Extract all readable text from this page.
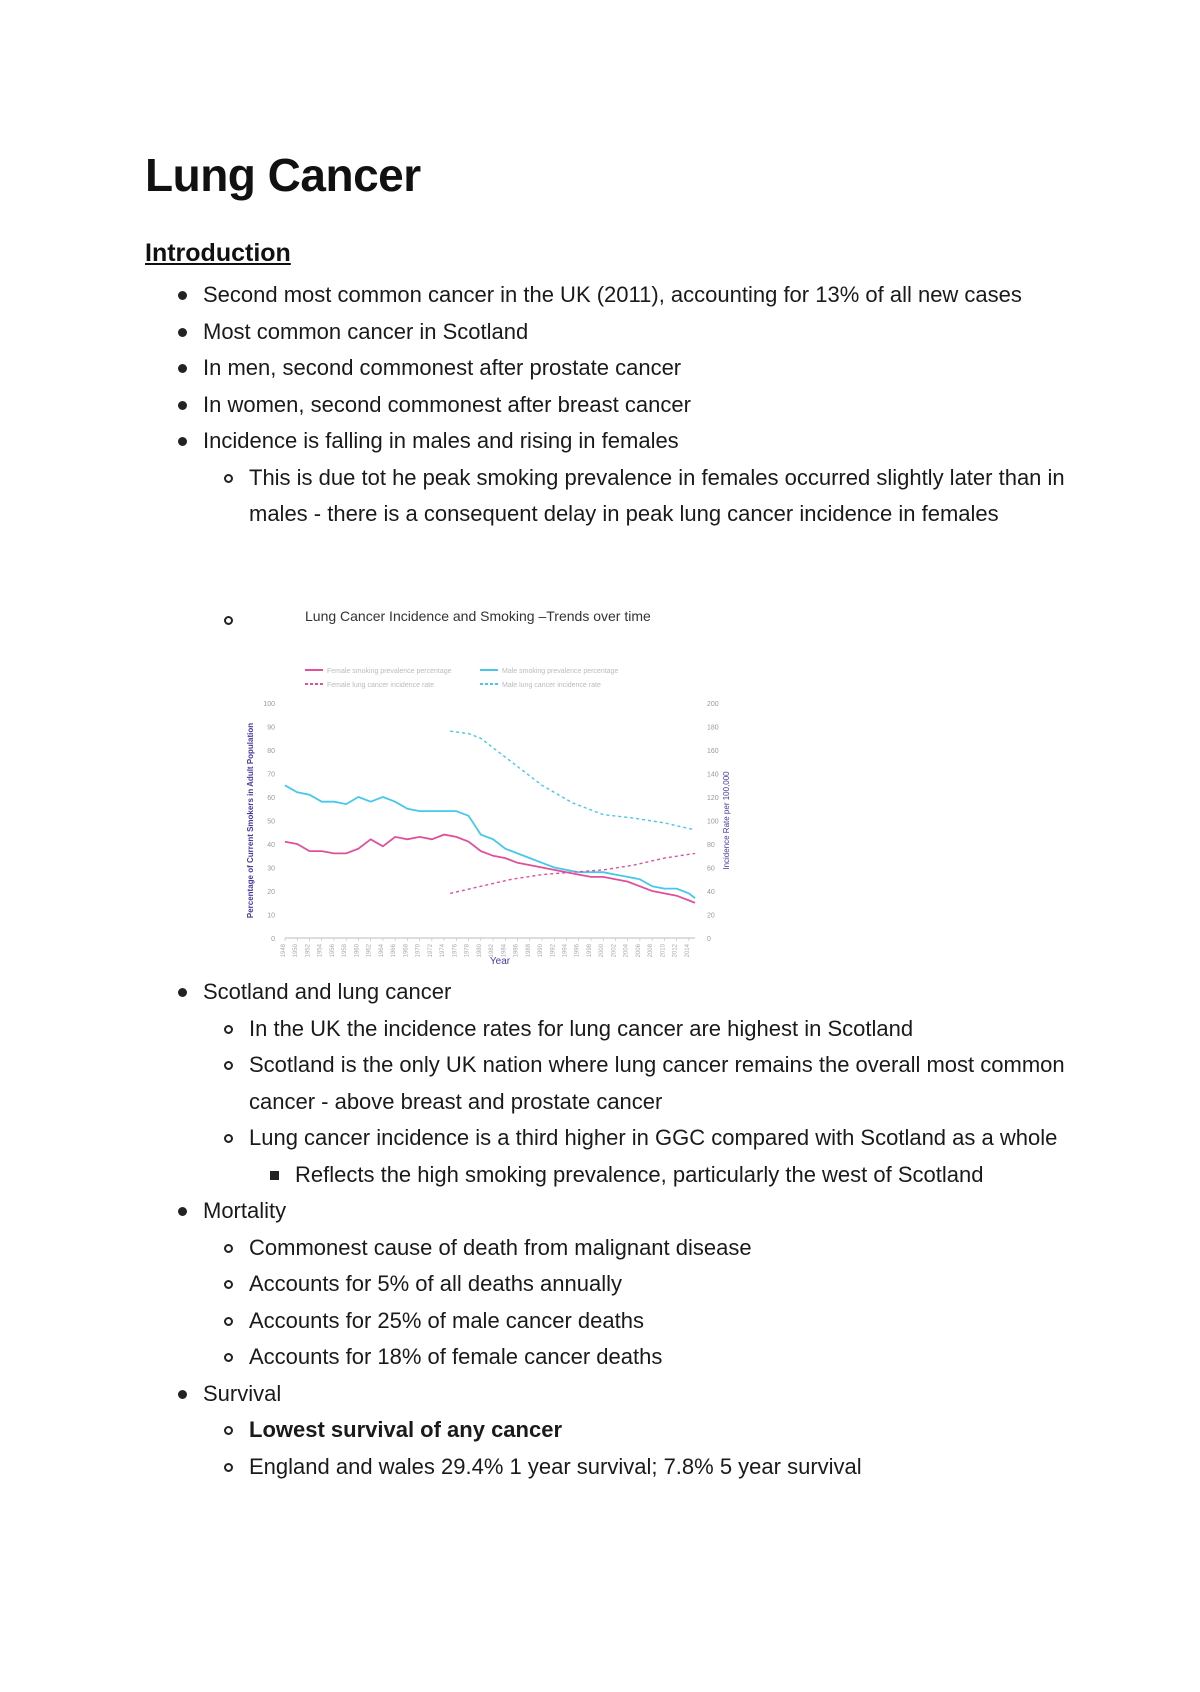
Lung Cancer
Introduction
Second most common cancer in the UK (2011), accounting for 13% of all new cases
Most common cancer in Scotland
In men, second commonest after prostate cancer
In women, second commonest after breast cancer
Incidence is falling in males and rising in females
This is due tot he peak smoking prevalence in females occurred slightly later than in males - there is a consequent delay in peak lung cancer incidence in females
Lung Cancer Incidence and Smoking –Trends over time
0
10
20
30
40
50
60
70
80
90
100
0
20
40
60
80
100
120
140
160
180
200
1948 1950 1952 1954 1956 1958 1960 1962 1964 1966 1968 1970 1972 1974 1976 1978 1980 1982 1984 1986 1988 1990 1992 1994 1996 1998 2000 2002 2004 2006 2008 2010 2012 2014
Percentage of Current Smokers in Adult Population	Incidence Rate per 100,000
Year
Female smoking prevalence percentage	Male smoking prevalence percentage
Female lung cancer incidence rate	Male lung cancer incidence rate
Scotland and lung cancer
In the UK the incidence rates for lung cancer are highest in Scotland
Scotland is the only UK nation where lung cancer remains the overall most common cancer - above breast and prostate cancer
Lung cancer incidence is a third higher in GGC compared with Scotland as a whole
Reflects the high smoking prevalence, particularly the west of Scotland
Mortality
Commonest cause of death from malignant disease
Accounts for 5% of all deaths annually
Accounts for 25% of male cancer deaths
Accounts for 18% of female cancer deaths
Survival
Lowest survival of any cancer
England and wales 29.4% 1 year survival; 7.8% 5 year survival
